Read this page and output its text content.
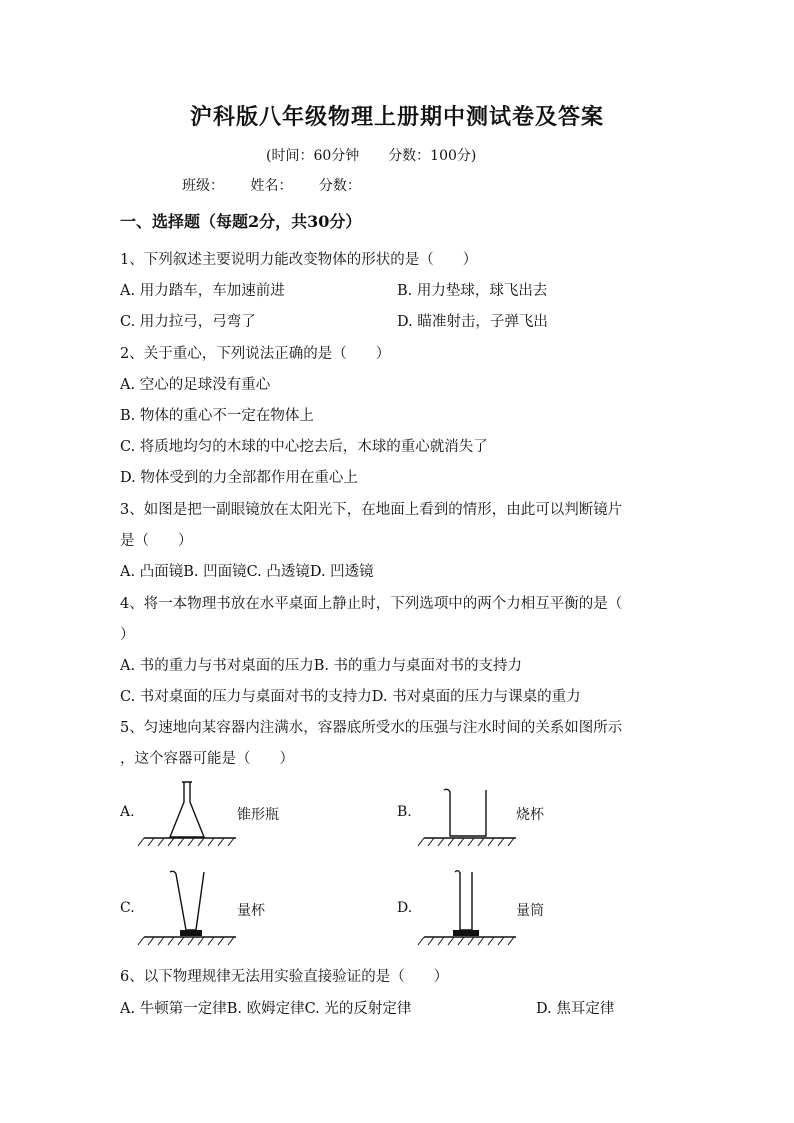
沪科版八年级物理上册期中测试卷及答案
(时间：60分钟 分数：100分)
班级： 姓名： 分数：
一、选择题（每题2分，共30分）
1、下列叙述主要说明力能改变物体的形状的是（　　）
A. 用力踏车，车加速前进	B. 用力垫球，球飞出去
C. 用力拉弓，弓弯了	D. 瞄准射击，子弹飞出
2、关于重心，下列说法正确的是（　　）
A. 空心的足球没有重心
B. 物体的重心不一定在物体上
C. 将质地均匀的木球的中心挖去后，木球的重心就消失了
D. 物体受到的力全部都作用在重心上
3、如图是把一副眼镜放在太阳光下，在地面上看到的情形，由此可以判断镜片
是（　　）
A. 凸面镜B. 凹面镜C. 凸透镜D. 凹透镜
4、将一本物理书放在水平桌面上静止时，下列选项中的两个力相互平衡的是（
）
A. 书的重力与书对桌面的压力B. 书的重力与桌面对书的支持力
C. 书对桌面的压力与桌面对书的支持力D. 书对桌面的压力与课桌的重力
5、匀速地向某容器内注满水，容器底所受水的压强与注水时间的关系如图所示
，这个容器可能是（　　）
A.	锥形瓶	B.	烧杯
C.	量杯	D.	量筒
6、以下物理规律无法用实验直接验证的是（　　）
A. 牛顿第一定律B. 欧姆定律C. 光的反射定律	D. 焦耳定律
